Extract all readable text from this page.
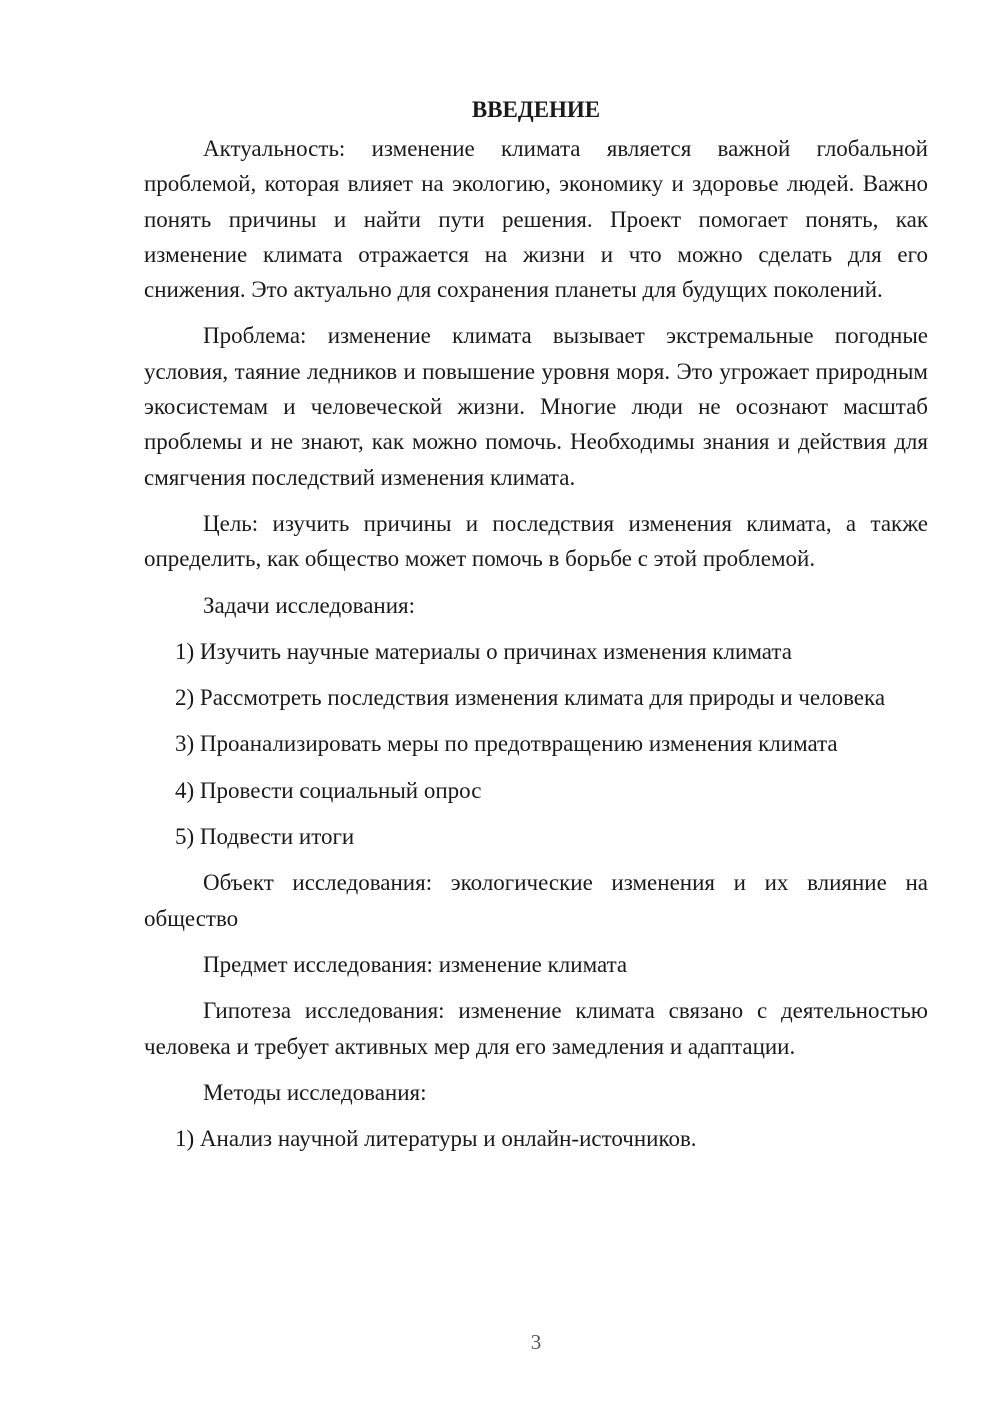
ВВЕДЕНИЕ

Актуальность: изменение климата является важной глобальной проблемой, которая влияет на экологию, экономику и здоровье людей. Важно понять причины и найти пути решения. Проект помогает понять, как изменение климата отражается на жизни и что можно сделать для его снижения. Это актуально для сохранения планеты для будущих поколений.

Проблема: изменение климата вызывает экстремальные погодные условия, таяние ледников и повышение уровня моря. Это угрожает природным экосистемам и человеческой жизни. Многие люди не осознают масштаб проблемы и не знают, как можно помочь. Необходимы знания и действия для смягчения последствий изменения климата.

Цель: изучить причины и последствия изменения климата, а также определить, как общество может помочь в борьбе с этой проблемой.

Задачи исследования:

1) Изучить научные материалы о причинах изменения климата

2) Рассмотреть последствия изменения климата для природы и человека

3) Проанализировать меры по предотвращению изменения климата

4) Провести социальный опрос

5) Подвести итоги

Объект исследования: экологические изменения и их влияние на общество

Предмет исследования: изменение климата

Гипотеза исследования: изменение климата связано с деятельностью человека и требует активных мер для его замедления и адаптации.

Методы исследования:

1) Анализ научной литературы и онлайн-источников.

3
